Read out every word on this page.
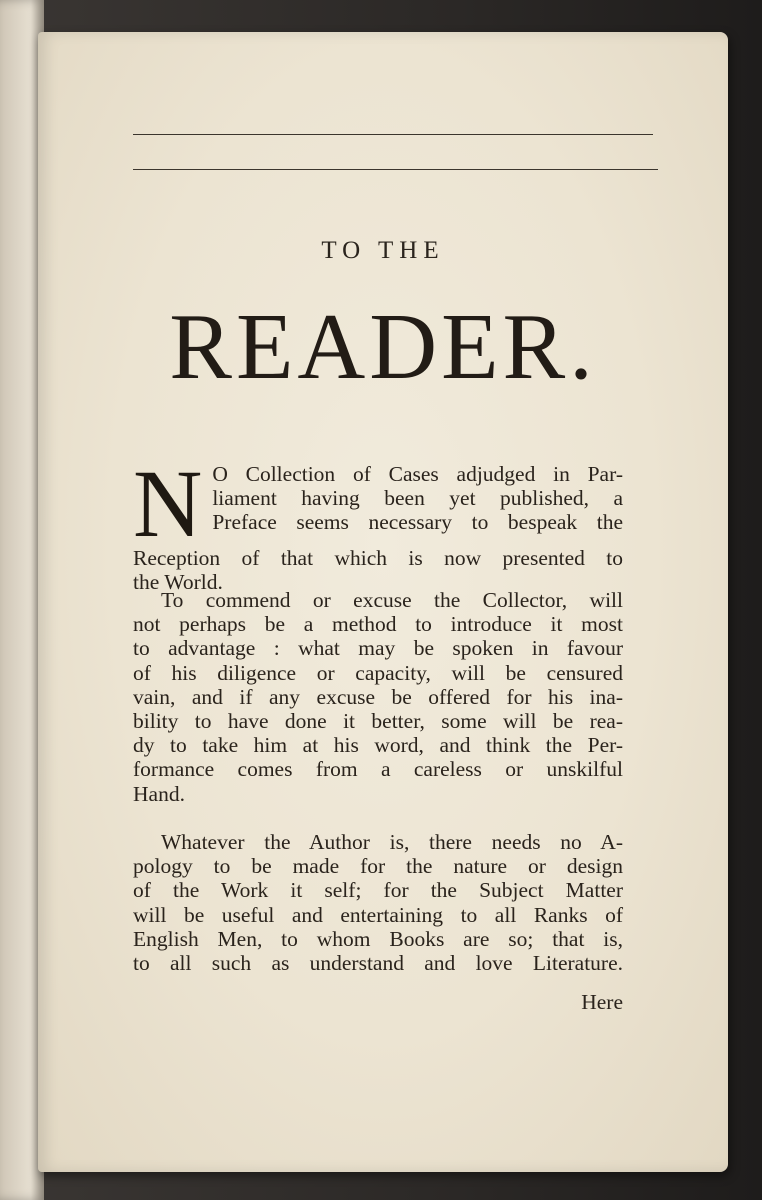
TO THE
READER.
N O Collection of Cases adjudged in Par-
liament having been yet published, a
Preface seems necessary to bespeak the
Reception of that which is now presented to
the World.
To commend or excuse the Collector, will
not perhaps be a method to introduce it most
to advantage : what may be spoken in favour
of his diligence or capacity, will be censured
vain, and if any excuse be offered for his ina-
bility to have done it better, some will be rea-
dy to take him at his word, and think the Per-
formance comes from a careless or unskilful
Hand.
Whatever the Author is, there needs no A-
pology to be made for the nature or design
of the Work it self; for the Subject Matter
will be useful and entertaining to all Ranks of
English Men, to whom Books are so; that is,
to all such as understand and love Literature.
Here
